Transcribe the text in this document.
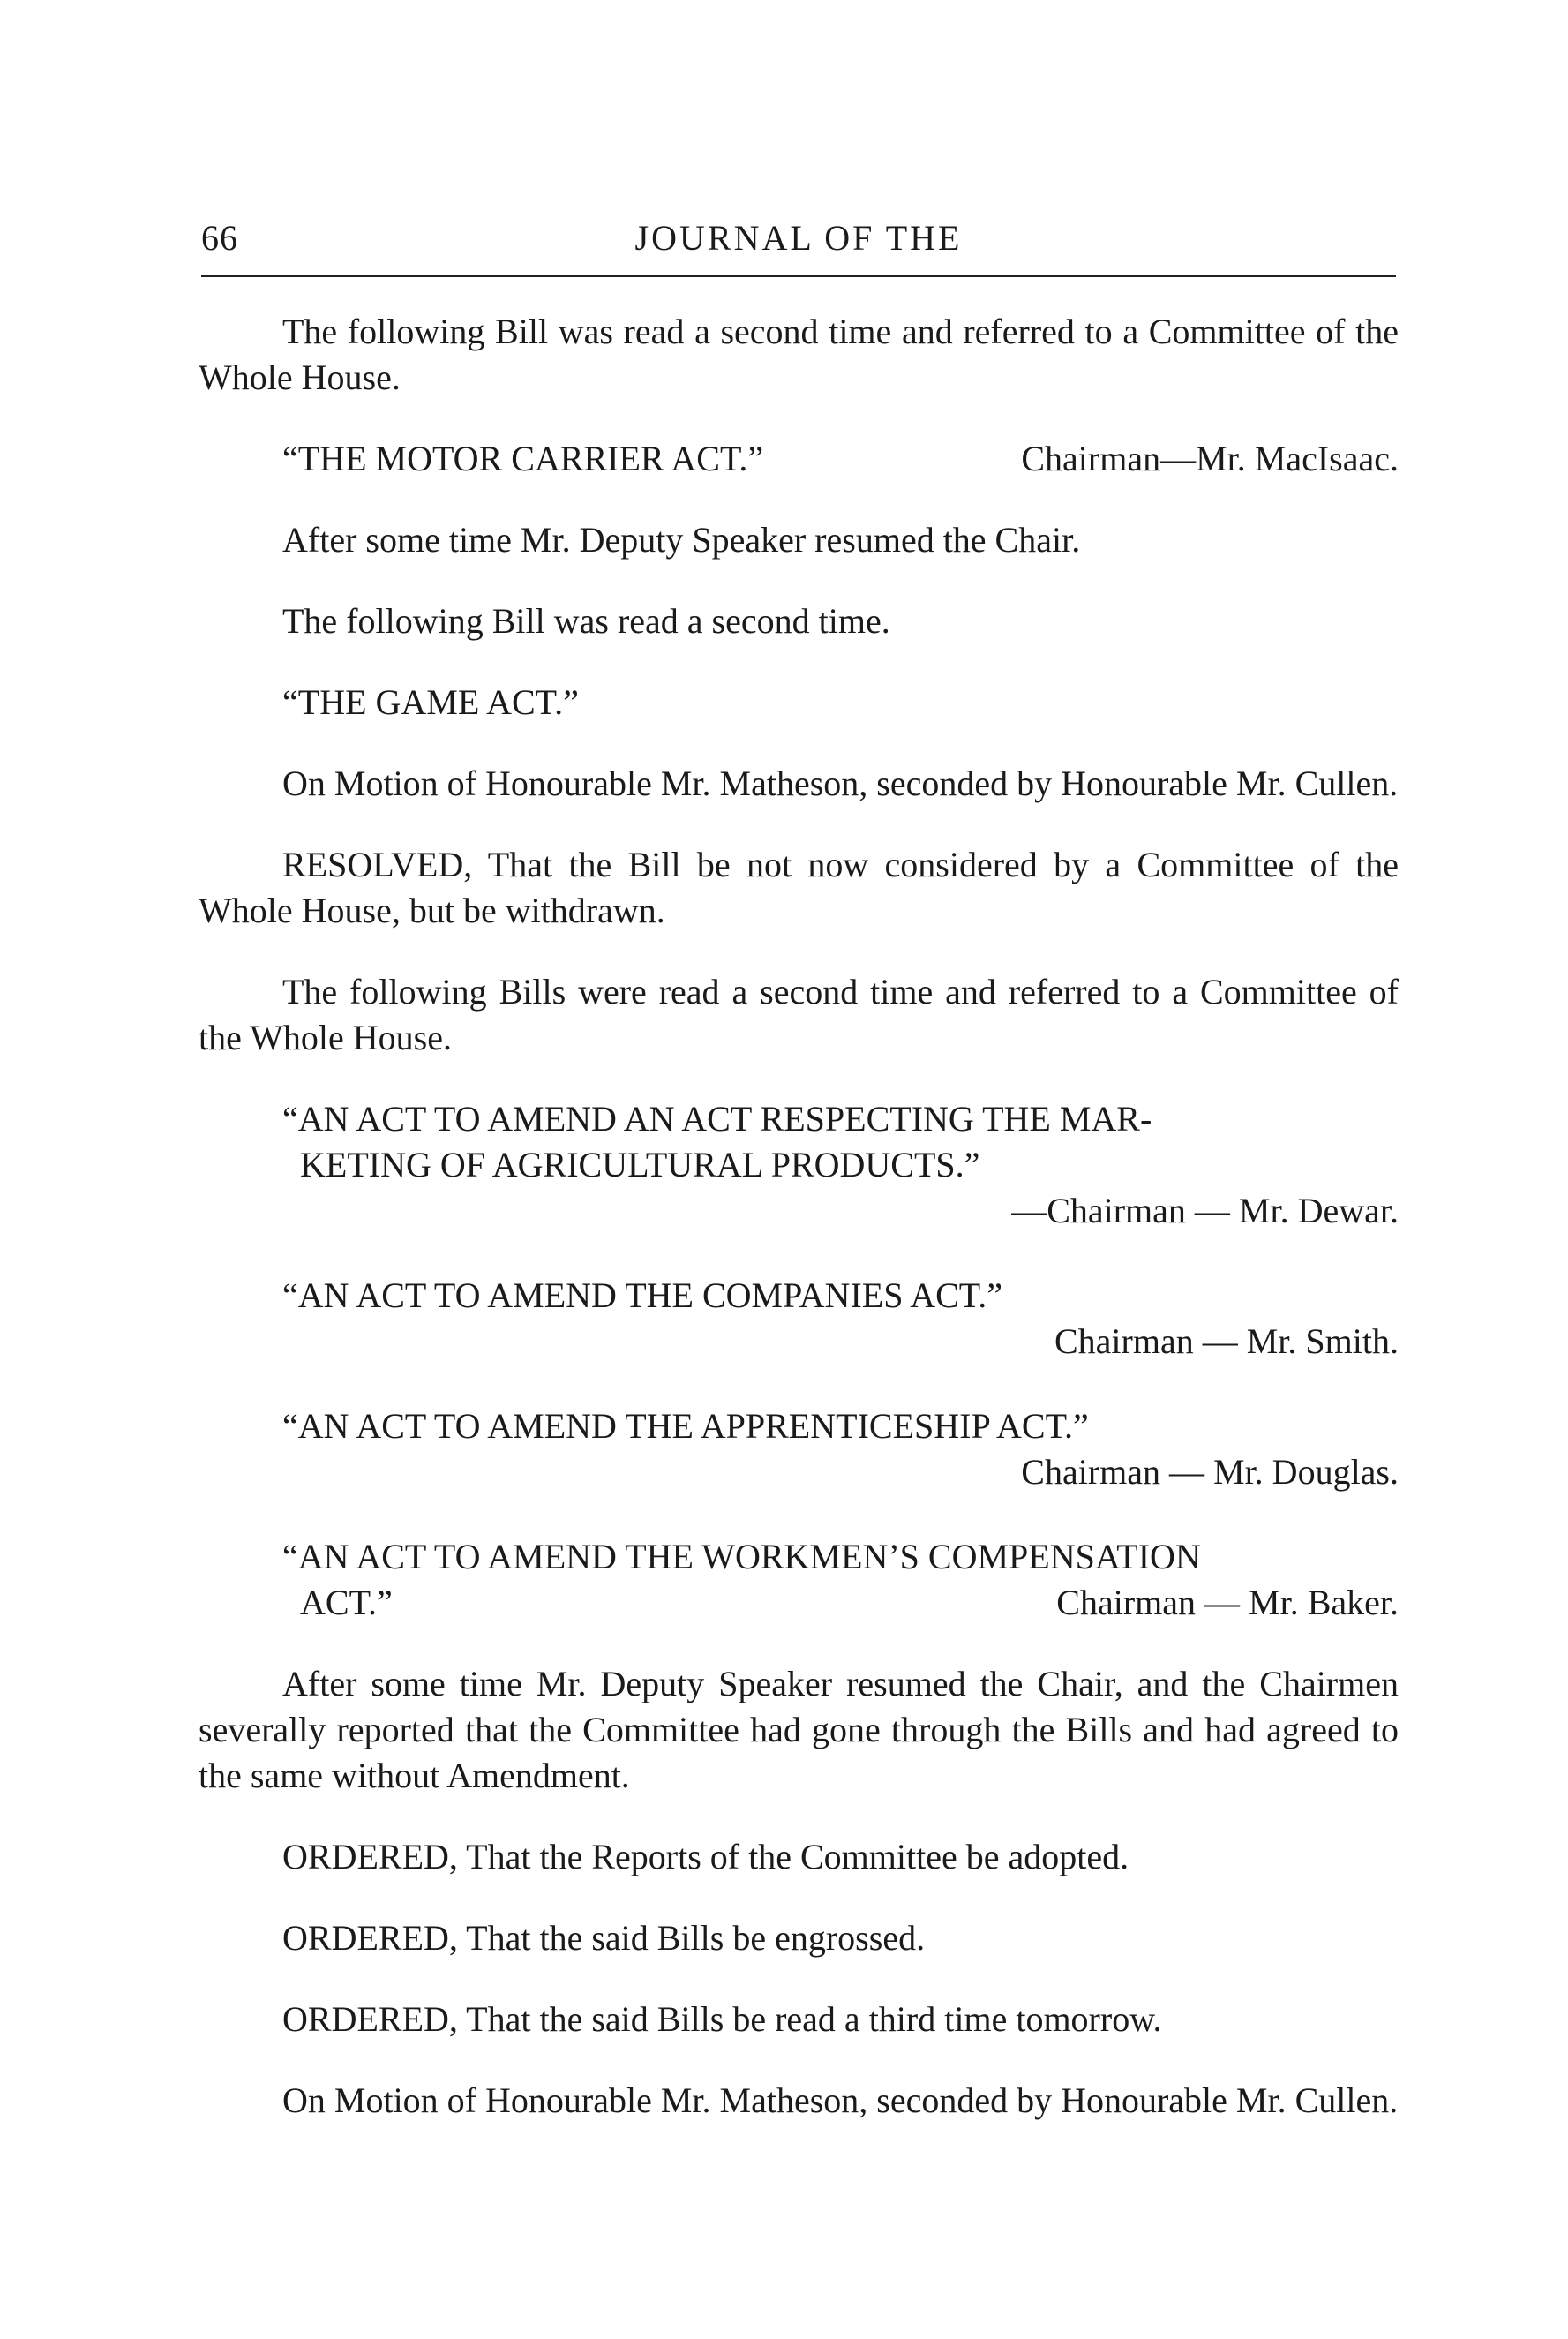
66	JOURNAL OF THE

The following Bill was read a second time and referred to a Committee of the Whole House.

“THE MOTOR CARRIER ACT.”	Chairman—Mr. MacIsaac.

After some time Mr. Deputy Speaker resumed the Chair.

The following Bill was read a second time.

“THE GAME ACT.”

On Motion of Honourable Mr. Matheson, seconded by Honourable Mr. Cullen.

RESOLVED, That the Bill be not now considered by a Committee of the Whole House, but be withdrawn.

The following Bills were read a second time and referred to a Committee of the Whole House.

“AN ACT TO AMEND AN ACT RESPECTING THE MAR-
KETING OF AGRICULTURAL PRODUCTS.”
—Chairman — Mr. Dewar.
“AN ACT TO AMEND THE COMPANIES ACT.”
Chairman — Mr. Smith.
“AN ACT TO AMEND THE APPRENTICESHIP ACT.”
Chairman — Mr. Douglas.
“AN ACT TO AMEND THE WORKMEN’S COMPENSATION
ACT.”	Chairman — Mr. Baker.

After some time Mr. Deputy Speaker resumed the Chair, and the Chairmen severally reported that the Committee had gone through the Bills and had agreed to the same without Amendment.

ORDERED, That the Reports of the Committee be adopted.

ORDERED, That the said Bills be engrossed.

ORDERED, That the said Bills be read a third time tomorrow.

On Motion of Honourable Mr. Matheson, seconded by Honourable Mr. Cullen.
